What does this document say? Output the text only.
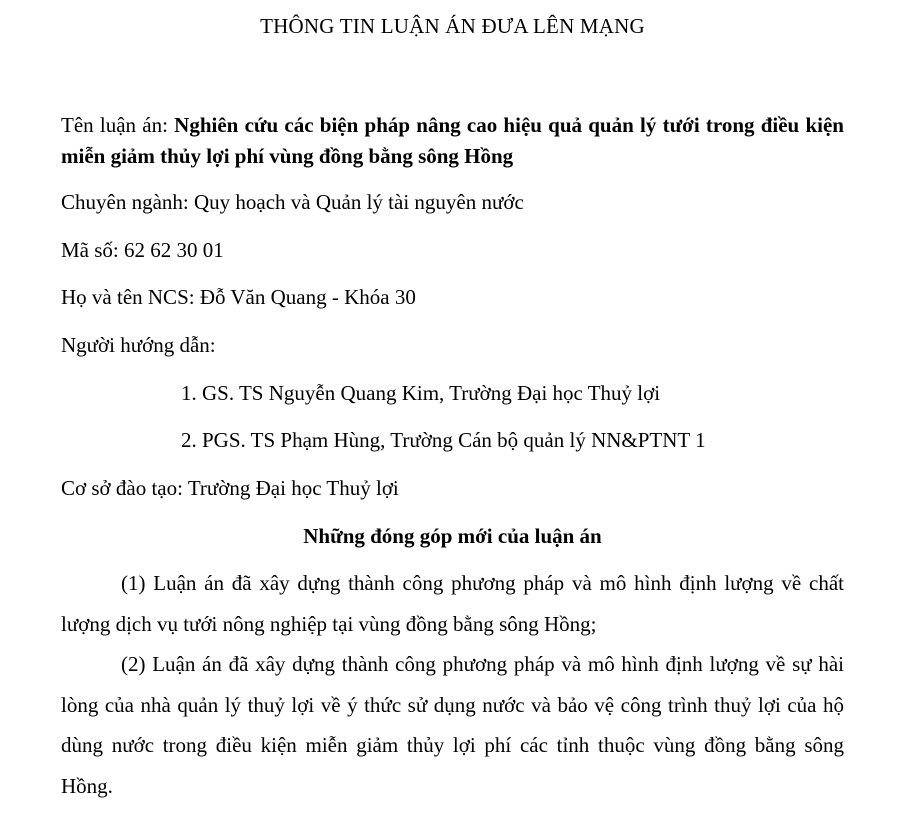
THÔNG TIN LUẬN ÁN ĐƯA LÊN MẠNG
Tên luận án: Nghiên cứu các biện pháp nâng cao hiệu quả quản lý tưới trong điều kiện miễn giảm thủy lợi phí vùng đồng bằng sông Hồng
Chuyên ngành: Quy hoạch và Quản lý tài nguyên nước
Mã số: 62 62 30 01
Họ và tên NCS: Đỗ Văn Quang - Khóa 30
Người hướng dẫn:
1. GS. TS Nguyễn Quang Kim, Trường Đại học Thuỷ lợi
2. PGS. TS Phạm Hùng, Trường Cán bộ quản lý NN&PTNT 1
Cơ sở đào tạo: Trường Đại học Thuỷ lợi
Những đóng góp mới của luận án
(1) Luận án đã xây dựng thành công phương pháp và mô hình định lượng về chất lượng dịch vụ tưới nông nghiệp tại vùng đồng bằng sông Hồng;
(2) Luận án đã xây dựng thành công phương pháp và mô hình định lượng về sự hài lòng của nhà quản lý thuỷ lợi về ý thức sử dụng nước và bảo vệ công trình thuỷ lợi của hộ dùng nước trong điều kiện miễn giảm thủy lợi phí các tỉnh thuộc vùng đồng bằng sông Hồng.
